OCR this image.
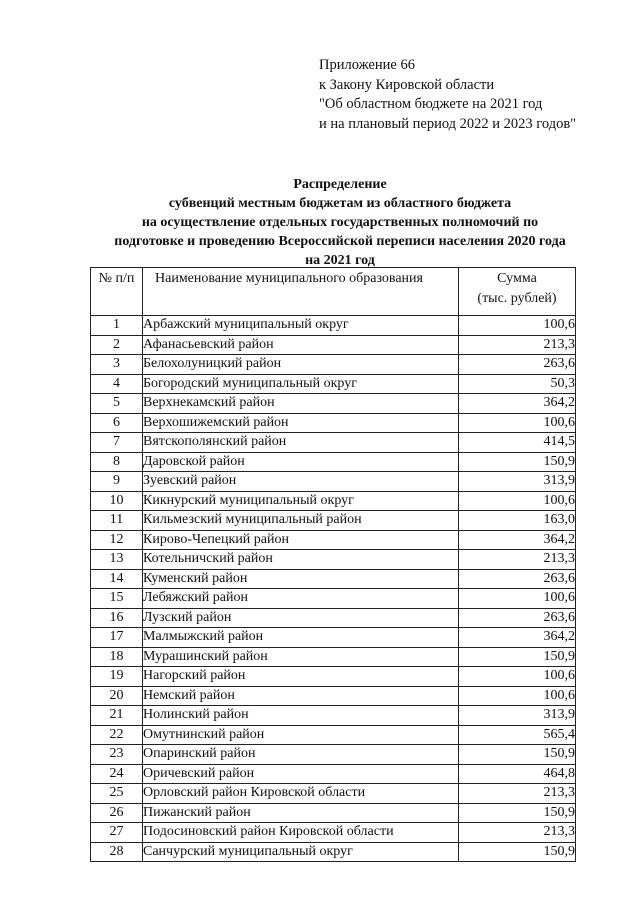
Приложение 66
к Закону Кировской области
"Об областном бюджете на 2021 год
и на плановый период 2022 и 2023 годов"
Распределение
субвенций местным бюджетам из областного бюджета
на осуществление отдельных государственных полномочий по
подготовке и проведению Всероссийской переписи населения 2020 года
на 2021 год
№ п/п	Наименование муниципального образования	Сумма
(тыс. рублей)

1	Арбажский муниципальный округ	100,6
2	Афанасьевский район	213,3
3	Белохолуницкий район	263,6
4	Богородский муниципальный округ	50,3
5	Верхнекамский район	364,2
6	Верхошижемский район	100,6
7	Вятскополянский район	414,5
8	Даровской район	150,9
9	Зуевский район	313,9
10	Кикнурский муниципальный округ	100,6
11	Кильмезский муниципальный район	163,0
12	Кирово-Чепецкий район	364,2
13	Котельничский район	213,3
14	Куменский район	263,6
15	Лебяжский район	100,6
16	Лузский район	263,6
17	Малмыжский район	364,2
18	Мурашинский район	150,9
19	Нагорский район	100,6
20	Немский район	100,6
21	Нолинский район	313,9
22	Омутнинский район	565,4
23	Опаринский район	150,9
24	Оричевский район	464,8
25	Орловский район Кировской области	213,3
26	Пижанский район	150,9
27	Подосиновский район Кировской области	213,3
28	Санчурский муниципальный округ	150,9
